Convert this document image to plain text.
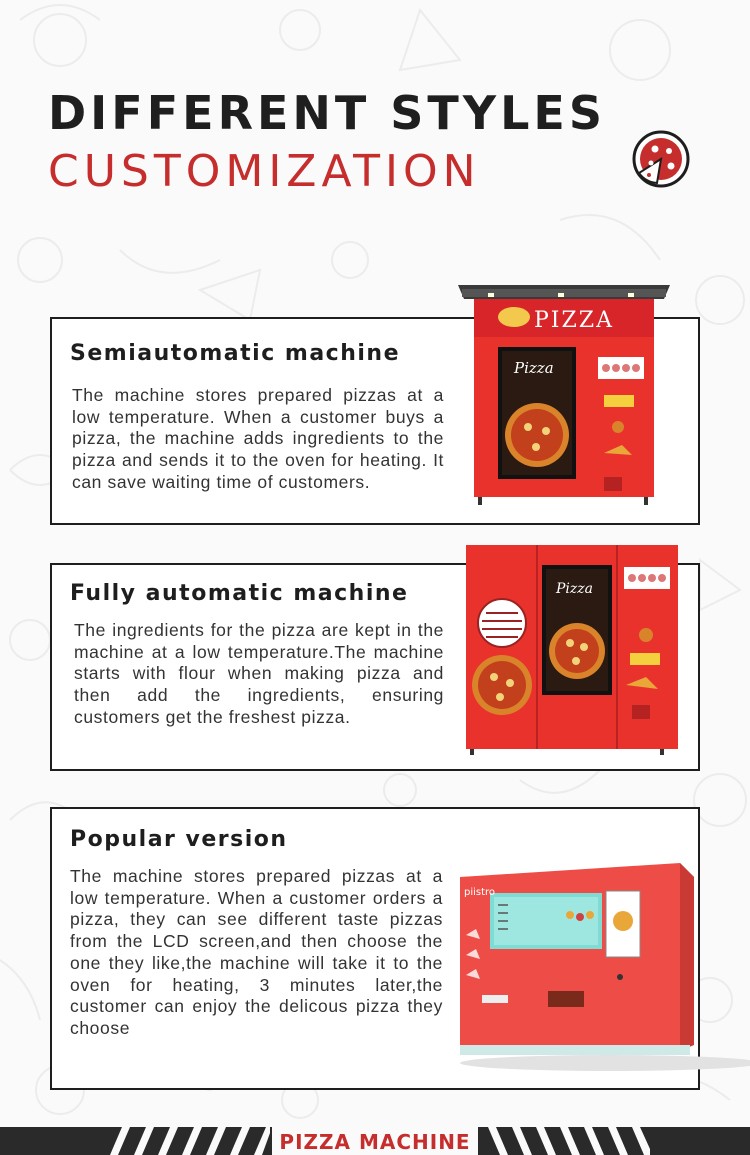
DIFFERENT STYLES
CUSTOMIZATION
Semiautomatic machine

The machine stores prepared pizzas at a low temperature. When a customer buys a pizza, the machine adds ingredients to the pizza and sends it to the oven for heating. It can save waiting time of customers.

PIZZA
Pizza
Fully automatic machine

The ingredients for the pizza are kept in the machine at a low temperature.The machine starts with flour when making pizza and then add the ingredients, ensuring customers get the freshest pizza.

Pizza
Popular version

The machine stores prepared pizzas at a low temperature. When a customer orders a pizza, they can see different taste pizzas from the LCD screen,and then choose the one they like,the machine will take it to the oven for heating, 3 minutes later,the customer can enjoy the delicous pizza they choose

piistro
PIZZA MACHINE
